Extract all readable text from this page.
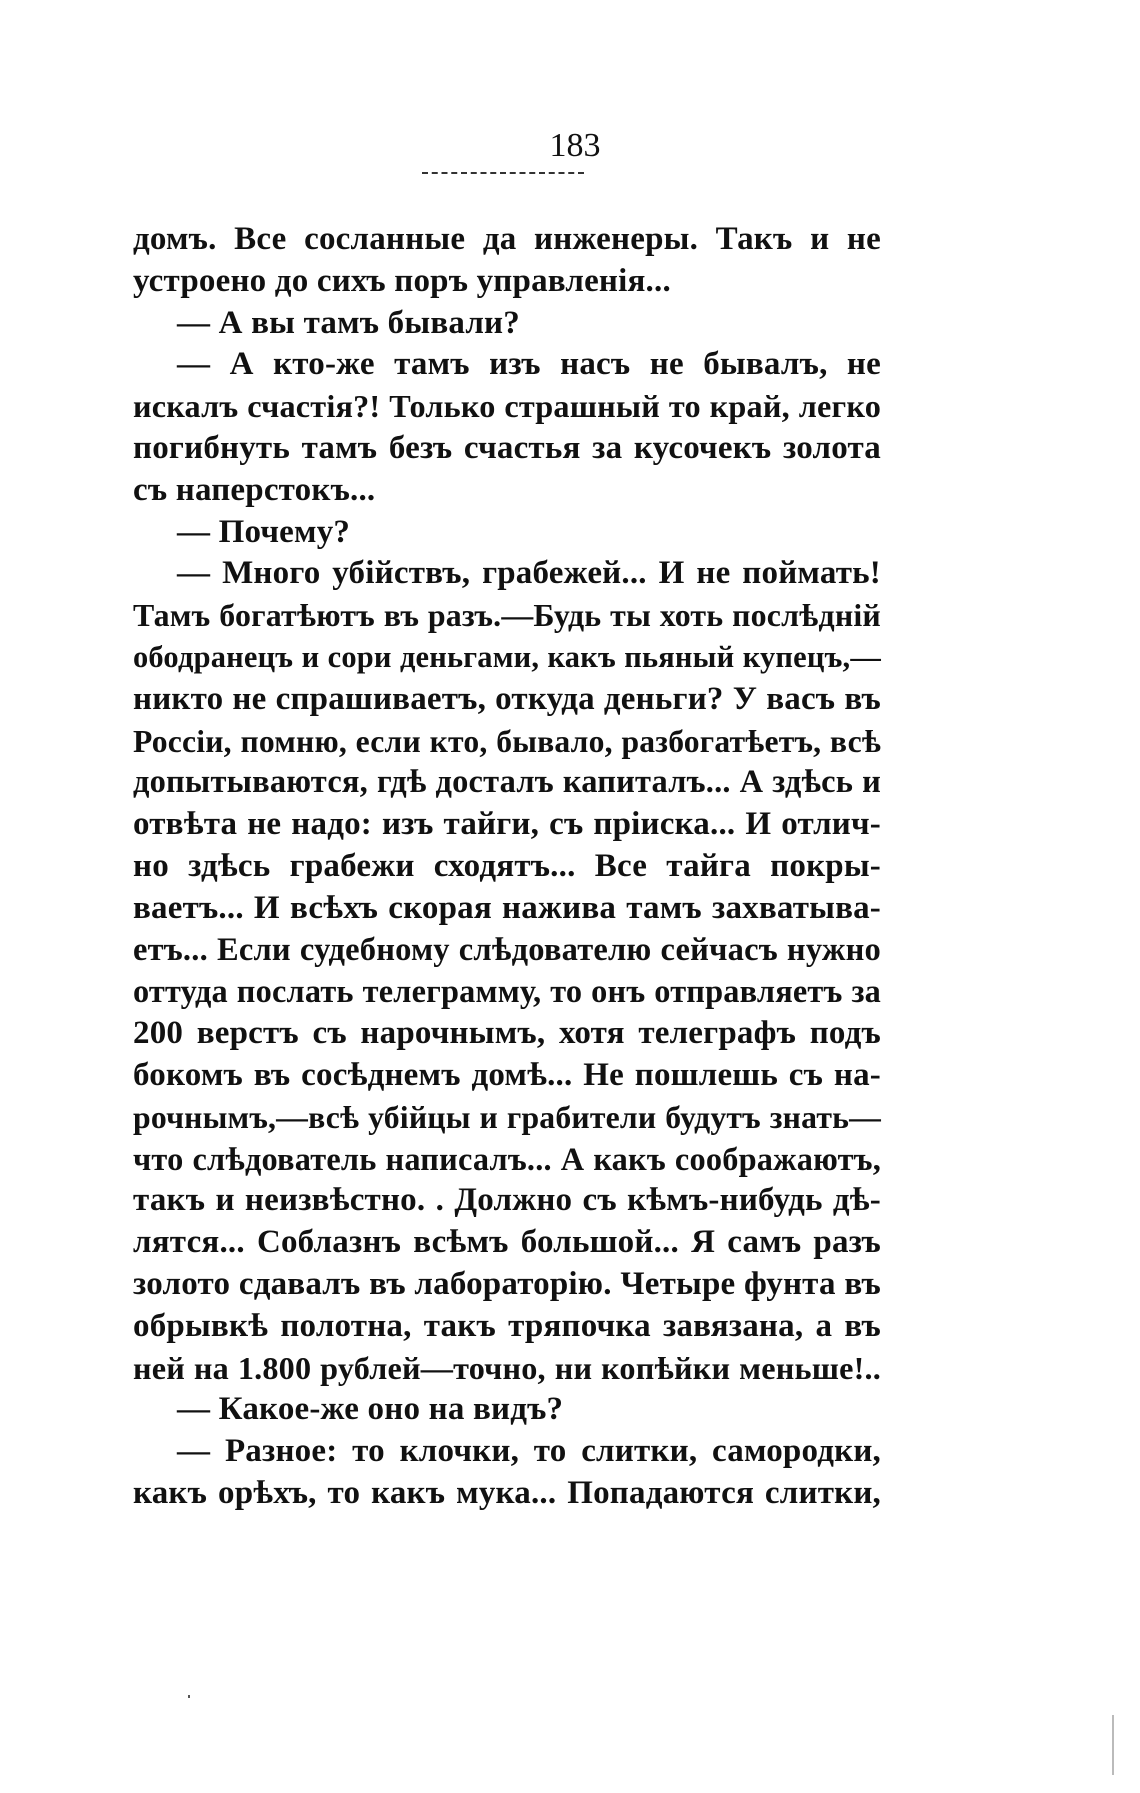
183
домъ. Все сосланные да инженеры. Такъ и не
устроено до сихъ поръ управленія...
— А вы тамъ бывали?
— А кто-же тамъ изъ насъ не бывалъ, не
искалъ счастія?! Только страшный то край, легко
погибнуть тамъ безъ счастья за кусочекъ золота
съ наперстокъ...
— Почему?
— Много убійствъ, грабежей... И не поймать!
Тамъ богатѣютъ въ разъ.—Будь ты хоть послѣдній
ободранецъ и сори деньгами, какъ пьяный купецъ,—
никто не спрашиваетъ, откуда деньги? У васъ въ
Россіи, помню, если кто, бывало, разбогатѣетъ, всѣ
допытываются, гдѣ досталъ капиталъ... А здѣсь и
отвѣта не надо: изъ тайги, съ пріиска... И отлич-
но здѣсь грабежи сходятъ... Все тайга покры-
ваетъ... И всѣхъ скорая нажива тамъ захватыва-
етъ... Если судебному слѣдователю сейчасъ нужно
оттуда послать телеграмму, то онъ отправляетъ за
200 верстъ съ нарочнымъ, хотя телеграфъ подъ
бокомъ въ сосѣднемъ домѣ... Не пошлешь съ на-
рочнымъ,—всѣ убійцы и грабители будутъ знать—
что слѣдователь написалъ... А какъ соображаютъ,
такъ и неизвѣстно. . Должно съ кѣмъ-нибудь дѣ-
лятся... Соблазнъ всѣмъ большой... Я самъ разъ
золото сдавалъ въ лабораторію. Четыре фунта въ
обрывкѣ полотна, такъ тряпочка завязана, а въ
ней на 1.800 рублей—точно, ни копѣйки меньше!..
— Какое-же оно на видъ?
— Разное: то клочки, то слитки, самородки,
какъ орѣхъ, то какъ мука... Попадаются слитки,
